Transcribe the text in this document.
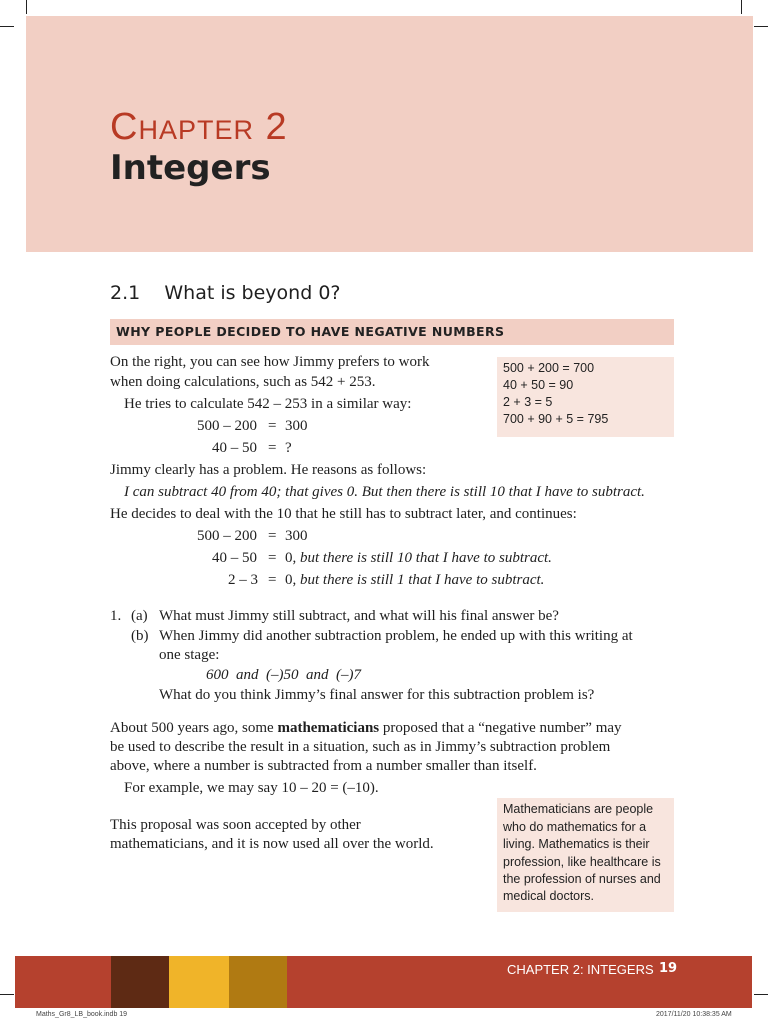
Chapter 2
Integers
2.1    What is beyond 0?
WHY PEOPLE DECIDED TO HAVE NEGATIVE NUMBERS
On the right, you can see how Jimmy prefers to work
when doing calculations, such as 542 + 253.
He tries to calculate 542 – 253 in a similar way:
500 – 200 = 300
40 – 50 = ?
500 + 200 = 700
40 + 50 = 90
2 + 3 = 5
700 + 90 + 5 = 795
Jimmy clearly has a problem. He reasons as follows:
I can subtract 40 from 40; that gives 0. But then there is still 10 that I have to subtract.
He decides to deal with the 10 that he still has to subtract later, and continues:
500 – 200 = 300
40 – 50 = 0, but there is still 10 that I have to subtract.
2 – 3 = 0, but there is still 1 that I have to subtract.
1. (a) What must Jimmy still subtract, and what will his final answer be?
(b) When Jimmy did another subtraction problem, he ended up with this writing at
one stage:
600  and  (–)50  and  (–)7
What do you think Jimmy’s final answer for this subtraction problem is?
About 500 years ago, some mathematicians proposed that a “negative number” may
be used to describe the result in a situation, such as in Jimmy’s subtraction problem
above, where a number is subtracted from a number smaller than itself.
For example, we may say 10 – 20 = (–10).
This proposal was soon accepted by other
mathematicians, and it is now used all over the world.
Mathematicians are people
who do mathematics for a
living. Mathematics is their
profession, like healthcare is
the profession of nurses and
medical doctors.
CHAPTER 2: INTEGERS 19
Maths_Gr8_LB_book.indb 19	2017/11/20 10:38:35 AM
